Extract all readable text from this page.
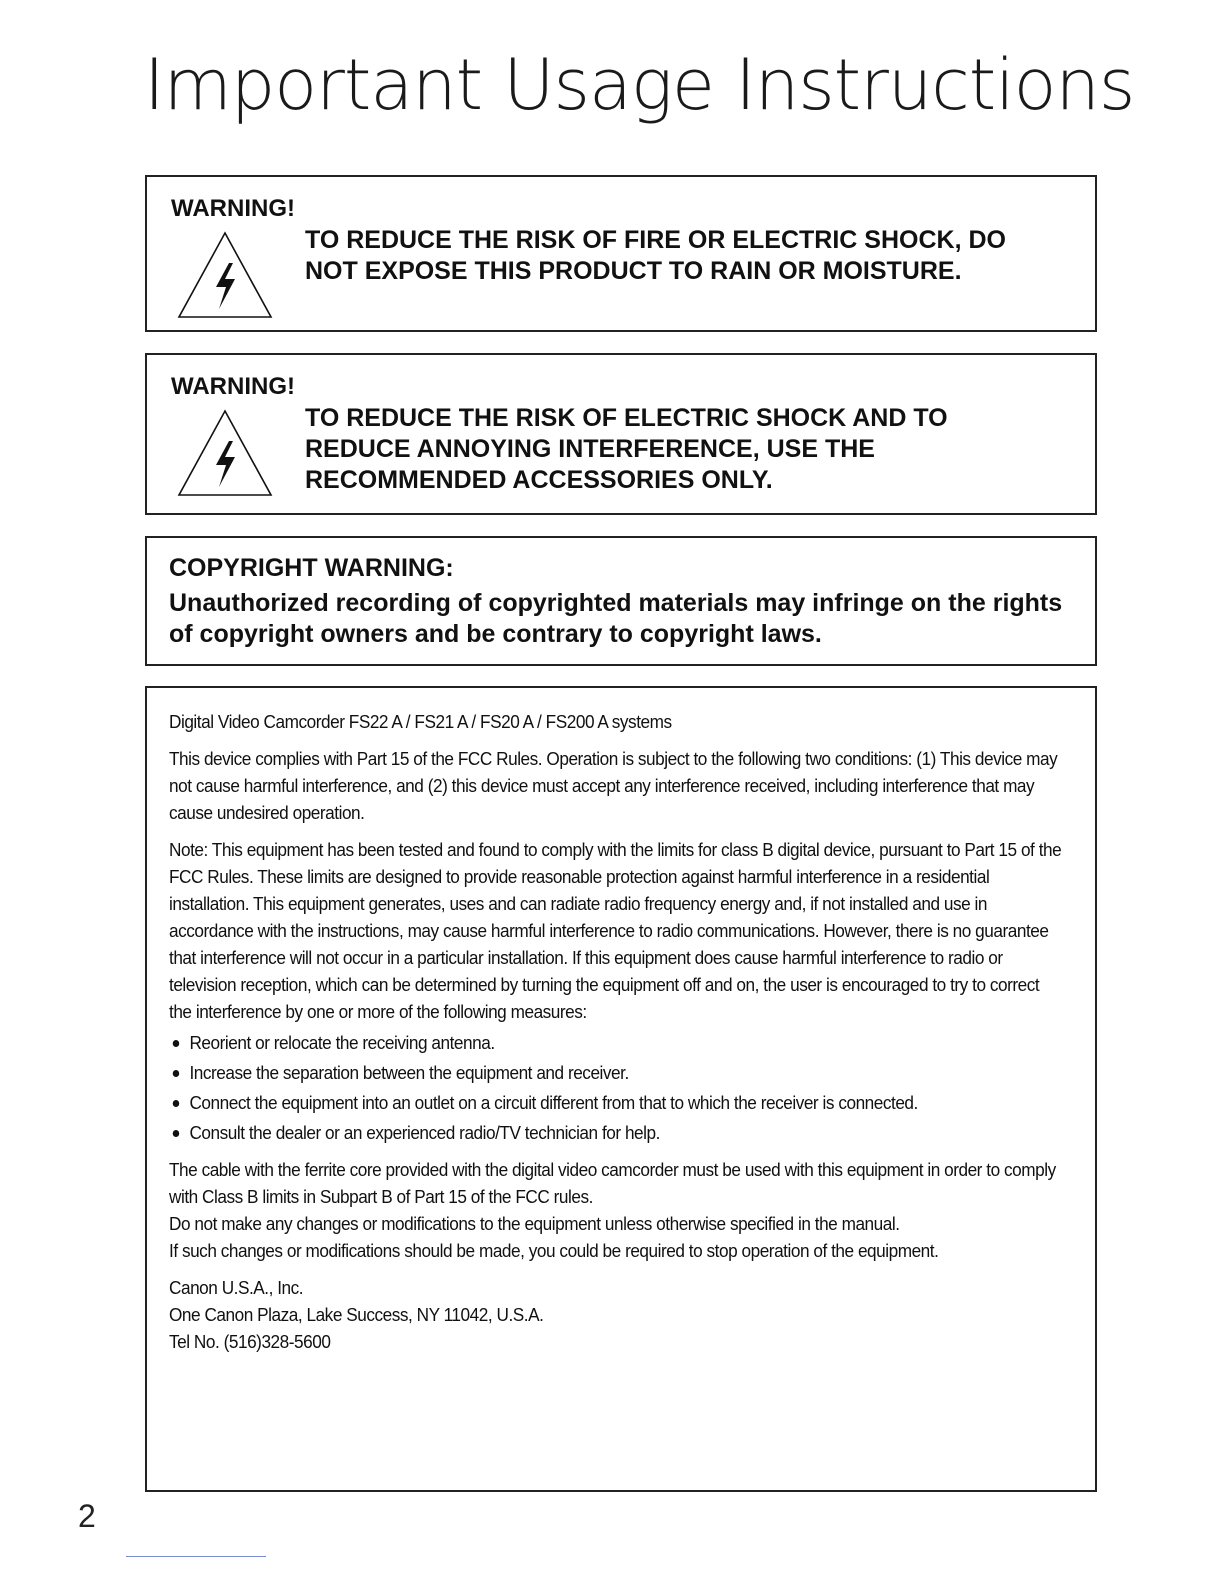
Important Usage Instructions
WARNING!
TO REDUCE THE RISK OF FIRE OR ELECTRIC SHOCK, DO
NOT EXPOSE THIS PRODUCT TO RAIN OR MOISTURE.
WARNING!
TO REDUCE THE RISK OF ELECTRIC SHOCK AND TO
REDUCE ANNOYING INTERFERENCE, USE THE
RECOMMENDED ACCESSORIES ONLY.
COPYRIGHT WARNING:
Unauthorized recording of copyrighted materials may infringe on the rights of copyright owners and be contrary to copyright laws.

Digital Video Camcorder FS22 A / FS21 A / FS20 A / FS200 A systems

This device complies with Part 15 of the FCC Rules. Operation is subject to the following two conditions: (1) This device may not cause harmful interference, and (2) this device must accept any interference received, including interference that may cause undesired operation.

Note: This equipment has been tested and found to comply with the limits for class B digital device, pursuant to Part 15 of the FCC Rules. These limits are designed to provide reasonable protection against harmful interference in a residential installation. This equipment generates, uses and can radiate radio frequency energy and, if not installed and use in accordance with the instructions, may cause harmful interference to radio communications. However, there is no guarantee that interference will not occur in a particular installation. If this equipment does cause harmful interference to radio or television reception, which can be determined by turning the equipment off and on, the user is encouraged to try to correct the interference by one or more of the following measures:

Reorient or relocate the receiving antenna.
Increase the separation between the equipment and receiver.
Connect the equipment into an outlet on a circuit different from that to which the receiver is connected.
Consult the dealer or an experienced radio/TV technician for help.

The cable with the ferrite core provided with the digital video camcorder must be used with this equipment in order to comply with Class B limits in Subpart B of Part 15 of the FCC rules.

Do not make any changes or modifications to the equipment unless otherwise specified in the manual.

If such changes or modifications should be made, you could be required to stop operation of the equipment.

Canon U.S.A., Inc.

One Canon Plaza, Lake Success, NY 11042, U.S.A.

Tel No. (516)328-5600

2
